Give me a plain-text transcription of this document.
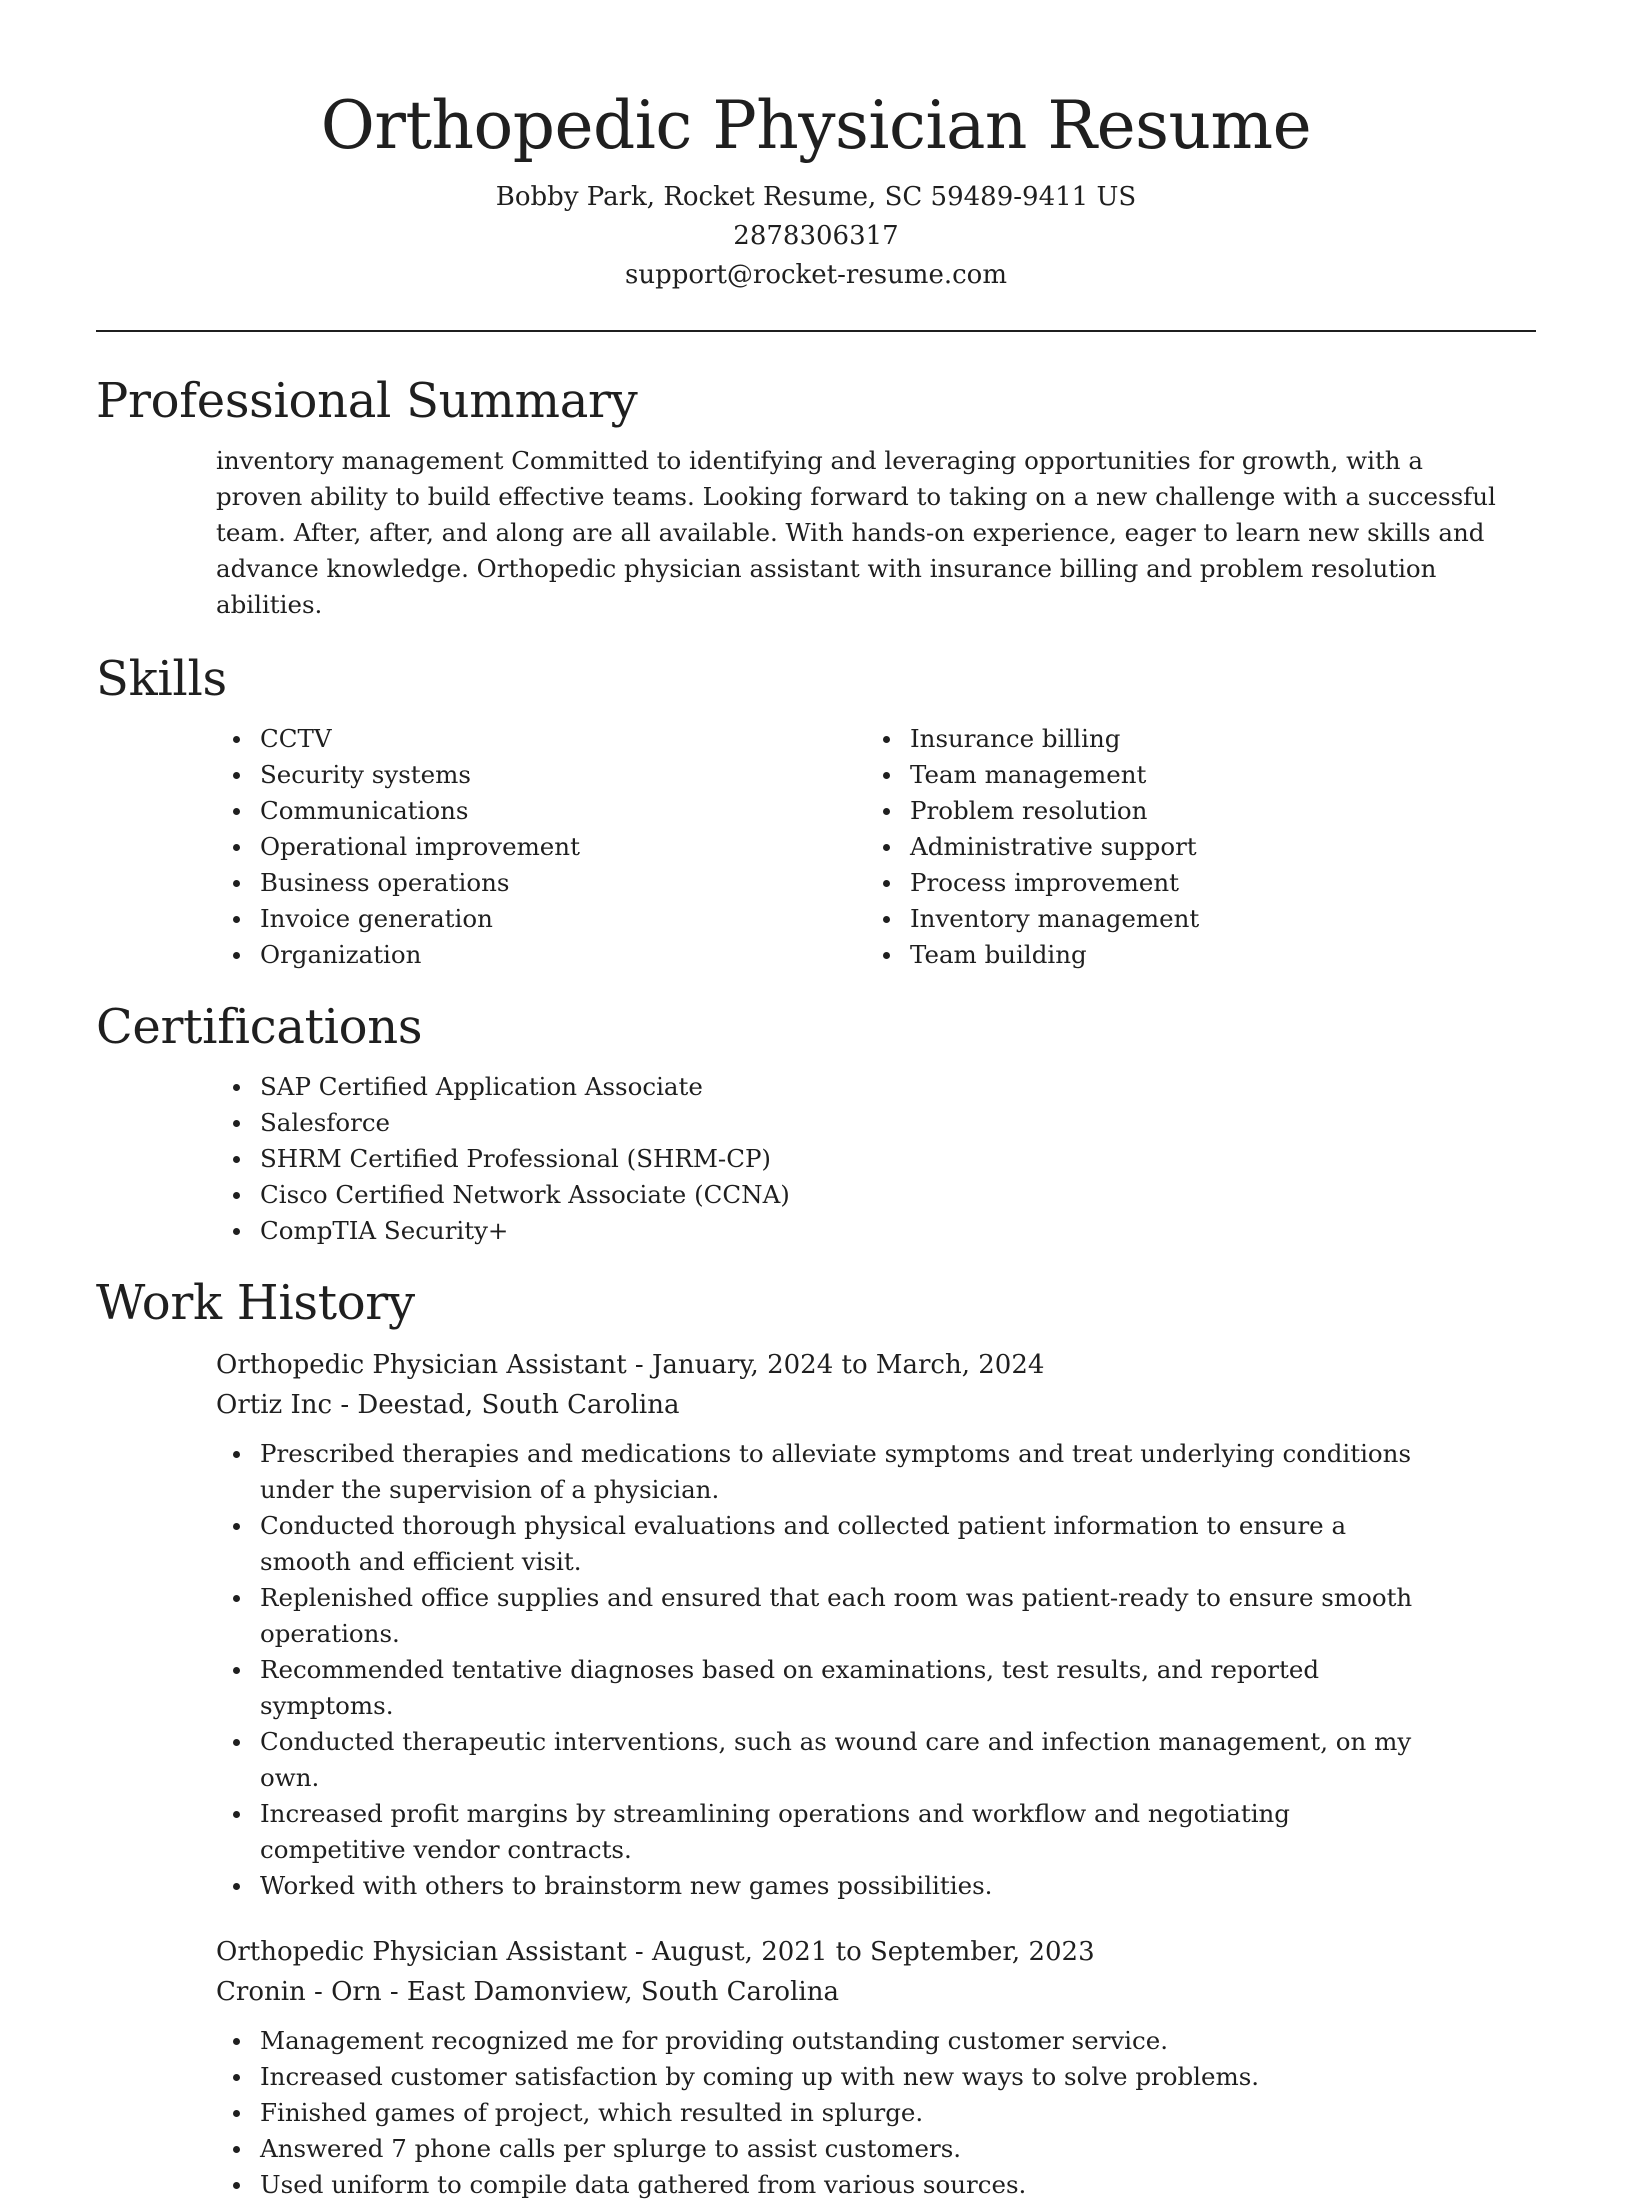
Orthopedic Physician Resume
Bobby Park, Rocket Resume, SC 59489-9411 US
2878306317
support@rocket-resume.com
Professional Summary

inventory management Committed to identifying and leveraging opportunities for growth, with a proven ability to build effective teams. Looking forward to taking on a new challenge with a successful team. After, after, and along are all available. With hands-on experience, eager to learn new skills and advance knowledge. Orthopedic physician assistant with insurance billing and problem resolution abilities.

Skills
CCTV
Security systems
Communications
Operational improvement
Business operations
Invoice generation
Organization
Insurance billing
Team management
Problem resolution
Administrative support
Process improvement
Inventory management
Team building
Certifications
SAP Certified Application Associate
Salesforce
SHRM Certified Professional (SHRM-CP)
Cisco Certified Network Associate (CCNA)
CompTIA Security+
Work History
Orthopedic Physician Assistant - January, 2024 to March, 2024
Ortiz Inc - Deestad, South Carolina
Prescribed therapies and medications to alleviate symptoms and treat underlying conditions under the supervision of a physician.
Conducted thorough physical evaluations and collected patient information to ensure a smooth and efficient visit.
Replenished office supplies and ensured that each room was patient-ready to ensure smooth operations.
Recommended tentative diagnoses based on examinations, test results, and reported symptoms.
Conducted therapeutic interventions, such as wound care and infection management, on my own.
Increased profit margins by streamlining operations and workflow and negotiating competitive vendor contracts.
Worked with others to brainstorm new games possibilities.
Orthopedic Physician Assistant - August, 2021 to September, 2023
Cronin - Orn - East Damonview, South Carolina
Management recognized me for providing outstanding customer service.
Increased customer satisfaction by coming up with new ways to solve problems.
Finished games of project, which resulted in splurge.
Answered 7 phone calls per splurge to assist customers.
Used uniform to compile data gathered from various sources.
